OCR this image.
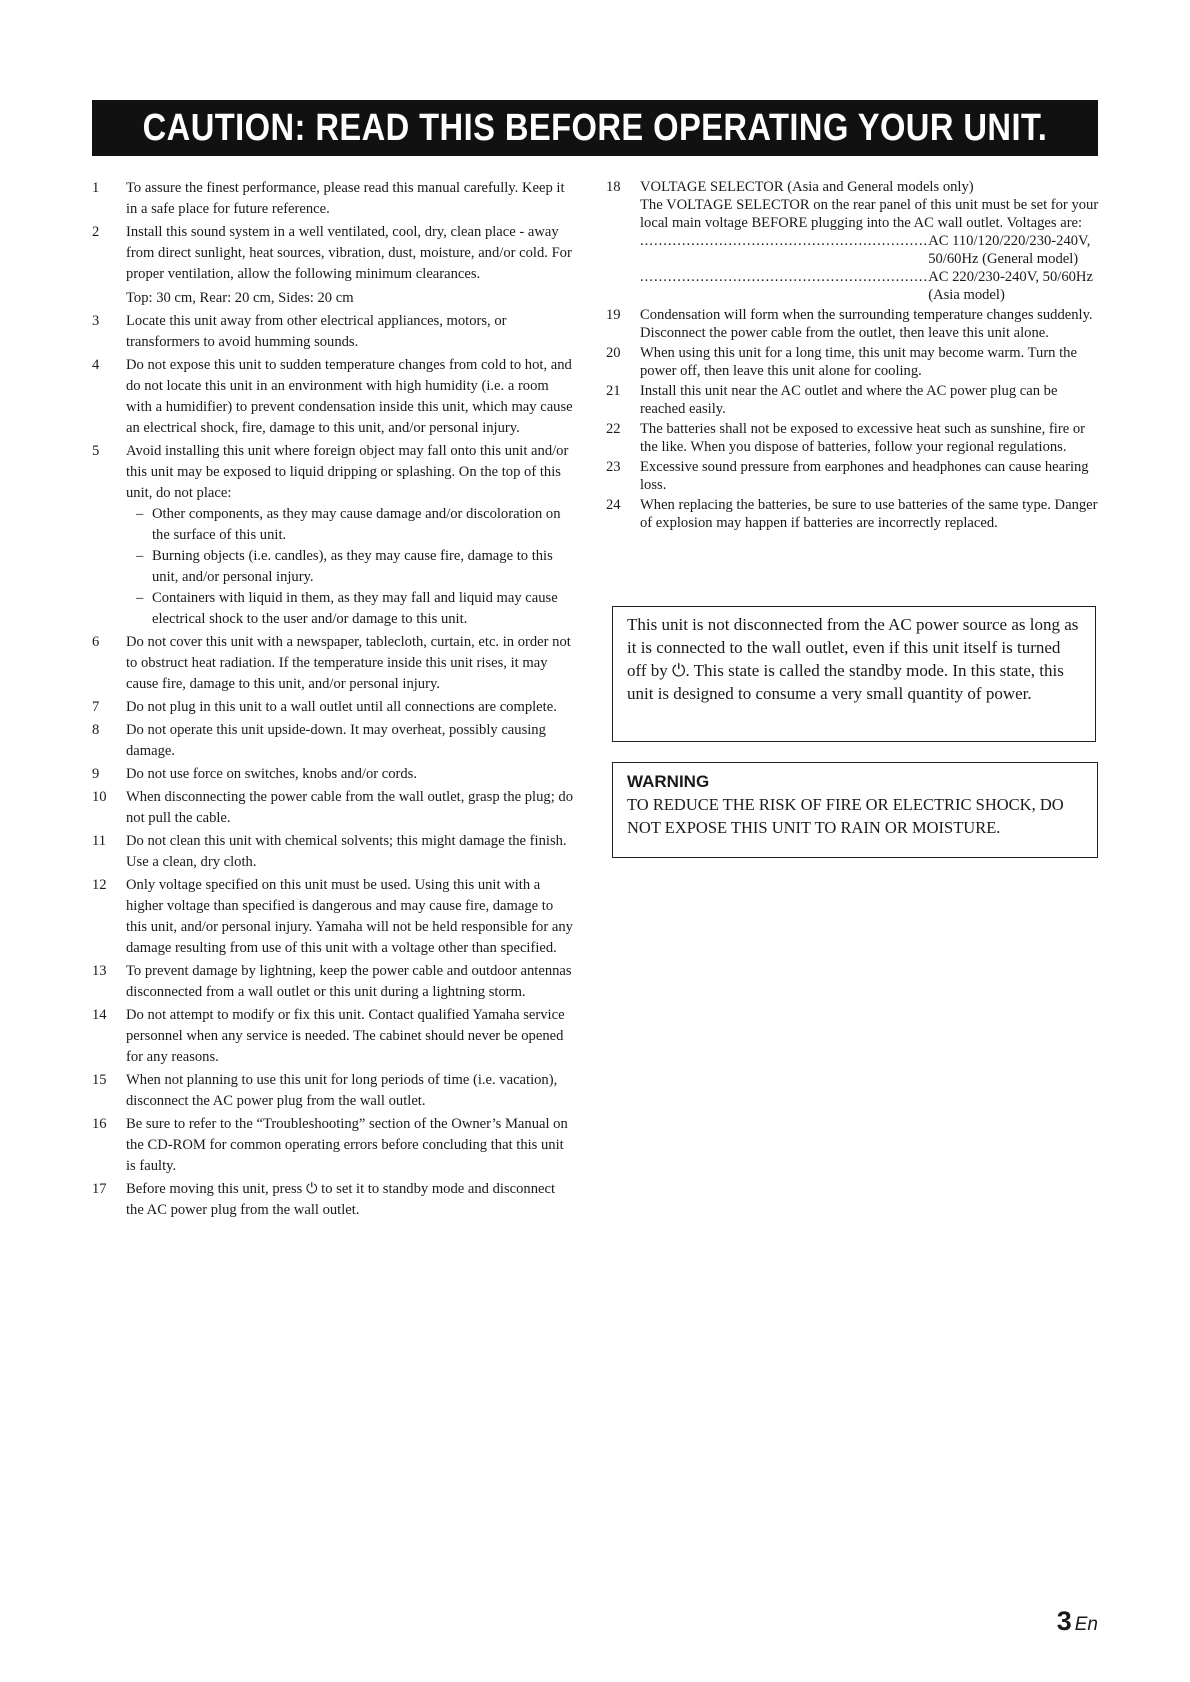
CAUTION: READ THIS BEFORE OPERATING YOUR UNIT.
1	To assure the finest performance, please read this manual carefully. Keep it in a safe place for future reference.
2	Install this sound system in a well ventilated, cool, dry, clean place - away from direct sunlight, heat sources, vibration, dust, moisture, and/or cold. For proper ventilation, allow the following minimum clearances.
Top: 30 cm, Rear: 20 cm, Sides: 20 cm
3	Locate this unit away from other electrical appliances, motors, or transformers to avoid humming sounds.
4	Do not expose this unit to sudden temperature changes from cold to hot, and do not locate this unit in an environment with high humidity (i.e. a room with a humidifier) to prevent condensation inside this unit, which may cause an electrical shock, fire, damage to this unit, and/or personal injury.
5	Avoid installing this unit where foreign object may fall onto this unit and/or this unit may be exposed to liquid dripping or splashing. On the top of this unit, do not place:
– Other components, as they may cause damage and/or discoloration on the surface of this unit.
– Burning objects (i.e. candles), as they may cause fire, damage to this unit, and/or personal injury.
– Containers with liquid in them, as they may fall and liquid may cause electrical shock to the user and/or damage to this unit.
6	Do not cover this unit with a newspaper, tablecloth, curtain, etc. in order not to obstruct heat radiation. If the temperature inside this unit rises, it may cause fire, damage to this unit, and/or personal injury.
7	Do not plug in this unit to a wall outlet until all connections are complete.
8	Do not operate this unit upside-down. It may overheat, possibly causing damage.
9	Do not use force on switches, knobs and/or cords.
10	When disconnecting the power cable from the wall outlet, grasp the plug; do not pull the cable.
11	Do not clean this unit with chemical solvents; this might damage the finish. Use a clean, dry cloth.
12	Only voltage specified on this unit must be used. Using this unit with a higher voltage than specified is dangerous and may cause fire, damage to this unit, and/or personal injury. Yamaha will not be held responsible for any damage resulting from use of this unit with a voltage other than specified.
13	To prevent damage by lightning, keep the power cable and outdoor antennas disconnected from a wall outlet or this unit during a lightning storm.
14	Do not attempt to modify or fix this unit. Contact qualified Yamaha service personnel when any service is needed. The cabinet should never be opened for any reasons.
15	When not planning to use this unit for long periods of time (i.e. vacation), disconnect the AC power plug from the wall outlet.
16	Be sure to refer to the “Troubleshooting” section of the Owner’s Manual on the CD-ROM for common operating errors before concluding that this unit is faulty.
17	Before moving this unit, press ⏻ to set it to standby mode and disconnect the AC power plug from the wall outlet.
18	VOLTAGE SELECTOR (Asia and General models only)
The VOLTAGE SELECTOR on the rear panel of this unit must be set for your local main voltage BEFORE plugging into the AC wall outlet. Voltages are:
.............................................................. AC 110/120/220/230-240V, 50/60Hz (General model)
.............................................................. AC 220/230-240V, 50/60Hz (Asia model)
19	Condensation will form when the surrounding temperature changes suddenly. Disconnect the power cable from the outlet, then leave this unit alone.
20	When using this unit for a long time, this unit may become warm. Turn the power off, then leave this unit alone for cooling.
21	Install this unit near the AC outlet and where the AC power plug can be reached easily.
22	The batteries shall not be exposed to excessive heat such as sunshine, fire or the like. When you dispose of batteries, follow your regional regulations.
23	Excessive sound pressure from earphones and headphones can cause hearing loss.
24	When replacing the batteries, be sure to use batteries of the same type. Danger of explosion may happen if batteries are incorrectly replaced.
This unit is not disconnected from the AC power source as long as it is connected to the wall outlet, even if this unit itself is turned off by ⏻. This state is called the standby mode. In this state, this unit is designed to consume a very small quantity of power.
WARNING
TO REDUCE THE RISK OF FIRE OR ELECTRIC SHOCK, DO NOT EXPOSE THIS UNIT TO RAIN OR MOISTURE.
3 En
